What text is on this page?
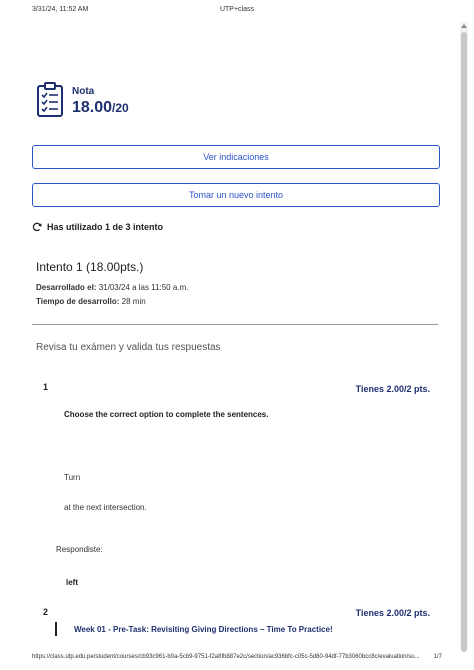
3/31/24, 11:52 AM	UTP+class
Nota
18.00/20
Ver indicaciones
Tomar un nuevo intento
Has utilizado 1 de 3 intento
Intento 1 (18.00pts.)
Desarrollado el: 31/03/24 a las 11:50 a.m.
Tiempo de desarrollo: 28 min
Revisa tu exámen y valida tus respuestas
1	Tienes 2.00/2 pts.
Choose the correct option to complete the sentences.
Turn
at the next intersection.
Respondiste:
left
2	Tienes 2.00/2 pts.
Week 01 - Pre-Task: Revisiting Giving Directions – Time To Practice!
https://class.utp.edu.pe/student/courses/cb93c961-b0a-5cb9-9751-f2a8fb887e2c/section/ac936bfc-c05c-5d80-94df-77b3060bcc8c/evaluation/su... 1/7
